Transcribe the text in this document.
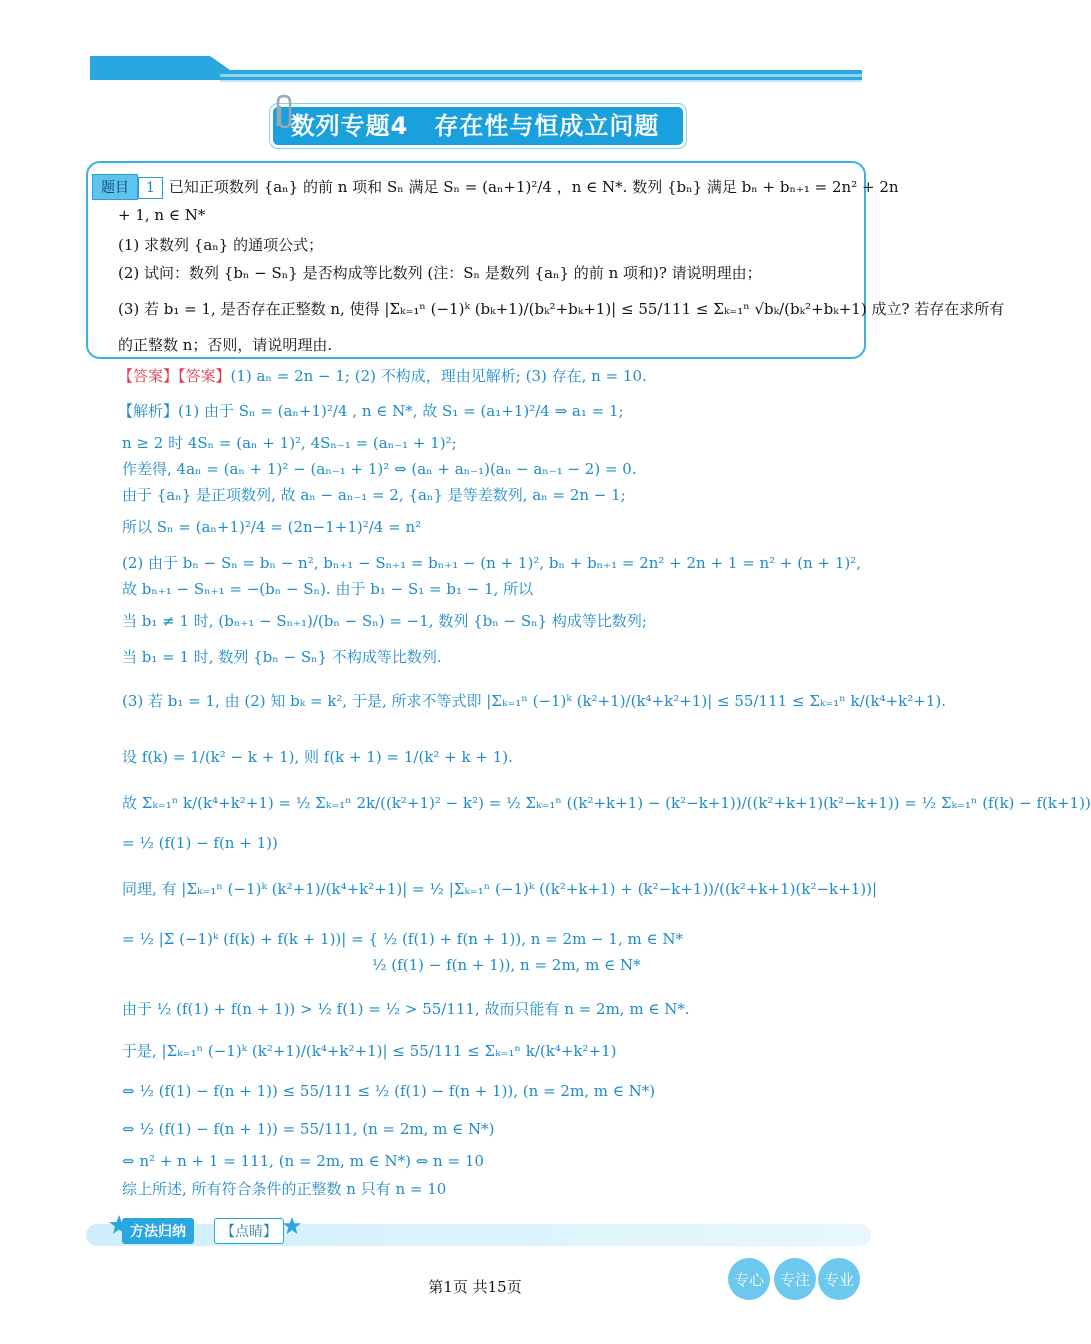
数列专题4 存在性与恒成立问题
题目 1 已知正项数列 {aₙ} 的前 n 项和 Sₙ 满足 Sₙ = (aₙ+1)²/4 ，n ∈ N*. 数列 {bₙ} 满足 bₙ + bₙ₊₁ = 2n² + 2n
+ 1, n ∈ N*
(1) 求数列 {aₙ} 的通项公式；
(2) 试问：数列 {bₙ − Sₙ} 是否构成等比数列 (注：Sₙ 是数列 {aₙ} 的前 n 项和)? 请说明理由；
(3) 若 b₁ = 1, 是否存在正整数 n, 使得 |Σₖ₌₁ⁿ (−1)ᵏ (bₖ+1)/(bₖ²+bₖ+1)| ≤ 55/111 ≤ Σₖ₌₁ⁿ √bₖ/(bₖ²+bₖ+1) 成立? 若存在求所有
的正整数 n；否则，请说明理由.
【答案】【答案】(1) aₙ = 2n − 1; (2) 不构成，理由见解析; (3) 存在, n = 10.
【解析】(1) 由于 Sₙ = (aₙ+1)²/4 , n ∈ N*, 故 S₁ = (a₁+1)²/4 ⇒ a₁ = 1;
n ≥ 2 时 4Sₙ = (aₙ + 1)², 4Sₙ₋₁ = (aₙ₋₁ + 1)²;
作差得, 4aₙ = (aₙ + 1)² − (aₙ₋₁ + 1)² ⇔ (aₙ + aₙ₋₁)(aₙ − aₙ₋₁ − 2) = 0.
由于 {aₙ} 是正项数列, 故 aₙ − aₙ₋₁ = 2, {aₙ} 是等差数列, aₙ = 2n − 1;
所以 Sₙ = (aₙ+1)²/4 = (2n−1+1)²/4 = n²
(2) 由于 bₙ − Sₙ = bₙ − n², bₙ₊₁ − Sₙ₊₁ = bₙ₊₁ − (n + 1)², bₙ + bₙ₊₁ = 2n² + 2n + 1 = n² + (n + 1)²,
故 bₙ₊₁ − Sₙ₊₁ = −(bₙ − Sₙ). 由于 b₁ − S₁ = b₁ − 1, 所以
当 b₁ ≠ 1 时, (bₙ₊₁ − Sₙ₊₁)/(bₙ − Sₙ) = −1, 数列 {bₙ − Sₙ} 构成等比数列;
当 b₁ = 1 时, 数列 {bₙ − Sₙ} 不构成等比数列.
(3) 若 b₁ = 1, 由 (2) 知 bₖ = k², 于是, 所求不等式即 |Σₖ₌₁ⁿ (−1)ᵏ (k²+1)/(k⁴+k²+1)| ≤ 55/111 ≤ Σₖ₌₁ⁿ k/(k⁴+k²+1).
设 f(k) = 1/(k² − k + 1), 则 f(k + 1) = 1/(k² + k + 1).
故 Σₖ₌₁ⁿ k/(k⁴+k²+1) = ½ Σₖ₌₁ⁿ 2k/((k²+1)² − k²) = ½ Σₖ₌₁ⁿ ((k²+k+1) − (k²−k+1))/((k²+k+1)(k²−k+1)) = ½ Σₖ₌₁ⁿ (f(k) − f(k+1))
= ½ (f(1) − f(n + 1))
同理, 有 |Σₖ₌₁ⁿ (−1)ᵏ (k²+1)/(k⁴+k²+1)| = ½ |Σₖ₌₁ⁿ (−1)ᵏ ((k²+k+1) + (k²−k+1))/((k²+k+1)(k²−k+1))|
= ½ |Σ (−1)ᵏ (f(k) + f(k + 1))| = { ½ (f(1) + f(n + 1)), n = 2m − 1, m ∈ N*
½ (f(1) − f(n + 1)), n = 2m, m ∈ N*
由于 ½ (f(1) + f(n + 1)) > ½ f(1) = ½ > 55/111, 故而只能有 n = 2m, m ∈ N*.
于是, |Σₖ₌₁ⁿ (−1)ᵏ (k²+1)/(k⁴+k²+1)| ≤ 55/111 ≤ Σₖ₌₁ⁿ k/(k⁴+k²+1)
⇔ ½ (f(1) − f(n + 1)) ≤ 55/111 ≤ ½ (f(1) − f(n + 1)), (n = 2m, m ∈ N*)
⇔ ½ (f(1) − f(n + 1)) = 55/111, (n = 2m, m ∈ N*)
⇔ n² + n + 1 = 111, (n = 2m, m ∈ N*) ⇔ n = 10
综上所述, 所有符合条件的正整数 n 只有 n = 10
方法归纳	【点睛】
第1页 共15页	专心	专注 专业
